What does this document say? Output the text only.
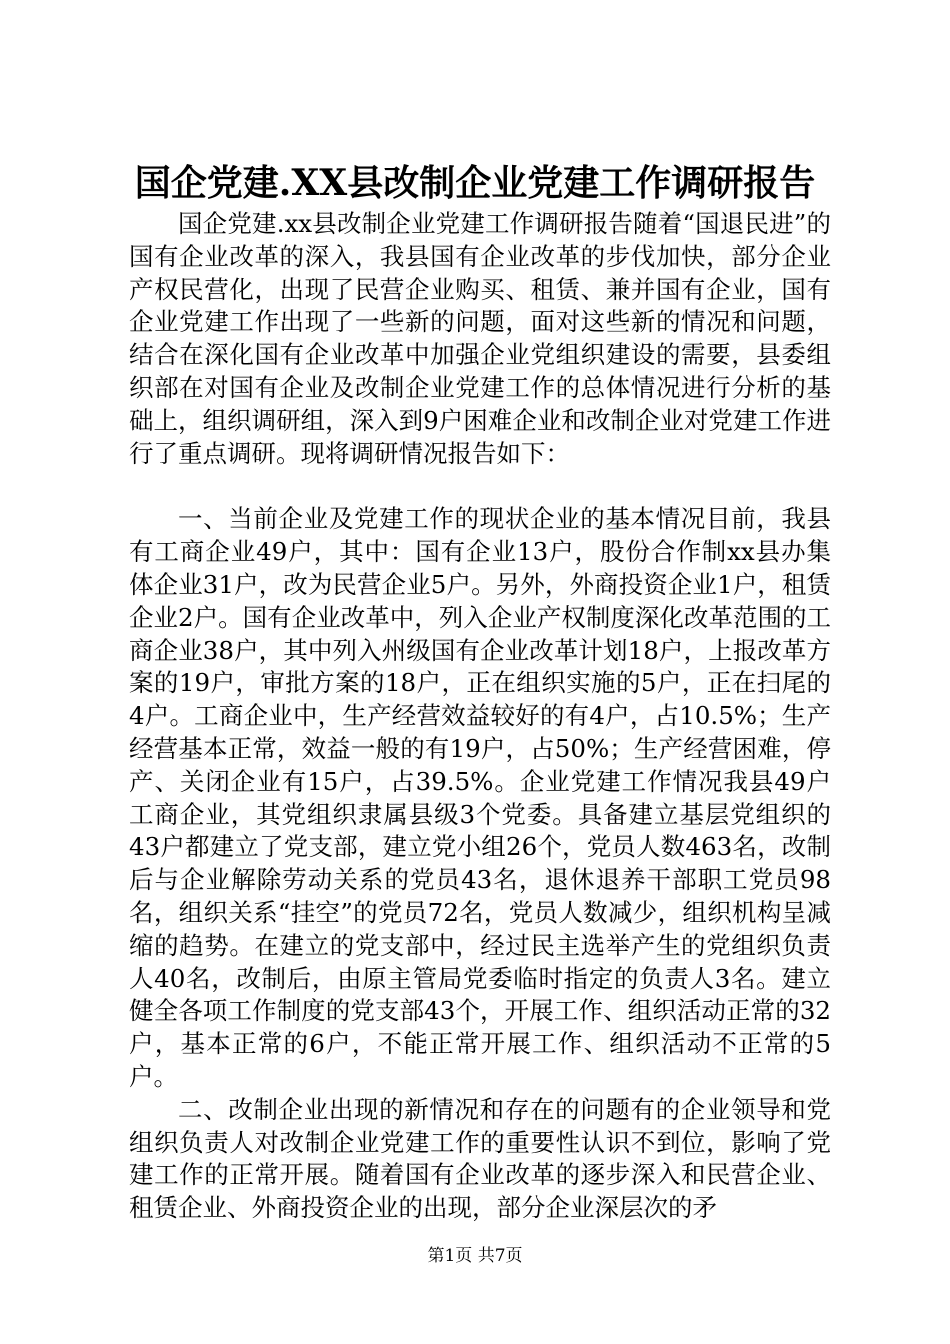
国企党建.XX县改制企业党建工作调研报告

国企党建.xx县改制企业党建工作调研报告随着“国退民进”的国有企业改革的深入，我县国有企业改革的步伐加快，部分企业产权民营化，出现了民营企业购买、租赁、兼并国有企业，国有企业党建工作出现了一些新的问题，面对这些新的情况和问题，结合在深化国有企业改革中加强企业党组织建设的需要，县委组织部在对国有企业及改制企业党建工作的总体情况进行分析的基础上，组织调研组，深入到9户困难企业和改制企业对党建工作进行了重点调研。现将调研情况报告如下：

一、当前企业及党建工作的现状企业的基本情况目前，我县有工商企业49户，其中：国有企业13户，股份合作制xx县办集体企业31户，改为民营企业5户。另外，外商投资企业1户，租赁企业2户。国有企业改革中，列入企业产权制度深化改革范围的工商企业38户，其中列入州级国有企业改革计划18户，上报改革方案的19户，审批方案的18户，正在组织实施的5户，正在扫尾的4户。工商企业中，生产经营效益较好的有4户，占10.5%；生产经营基本正常，效益一般的有19户，占50%；生产经营困难，停产、关闭企业有15户，占39.5%。企业党建工作情况我县49户工商企业，其党组织隶属县级3个党委。具备建立基层党组织的43户都建立了党支部，建立党小组26个，党员人数463名，改制后与企业解除劳动关系的党员43名，退休退养干部职工党员98名，组织关系“挂空”的党员72名，党员人数减少，组织机构呈减缩的趋势。在建立的党支部中，经过民主选举产生的党组织负责人40名，改制后，由原主管局党委临时指定的负责人3名。建立健全各项工作制度的党支部43个，开展工作、组织活动正常的32户，基本正常的6户，不能正常开展工作、组织活动不正常的5户。

二、改制企业出现的新情况和存在的问题有的企业领导和党组织负责人对改制企业党建工作的重要性认识不到位，影响了党建工作的正常开展。随着国有企业改革的逐步深入和民营企业、租赁企业、外商投资企业的出现，部分企业深层次的矛

第1页 共7页
